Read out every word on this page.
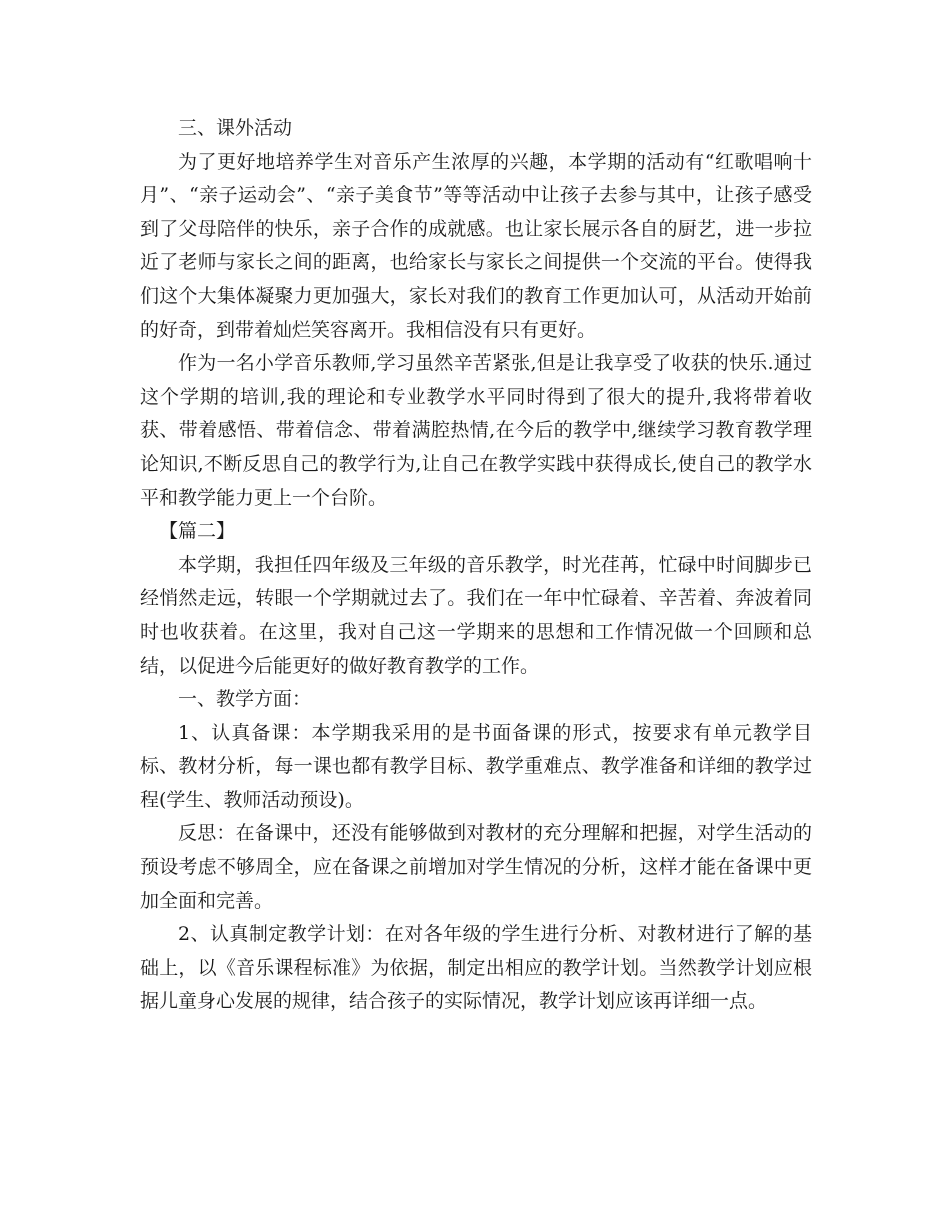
三、课外活动

为了更好地培养学生对音乐产生浓厚的兴趣，本学期的活动有“红歌唱响十月”、“亲子运动会”、“亲子美食节”等等活动中让孩子去参与其中，让孩子感受到了父母陪伴的快乐，亲子合作的成就感。也让家长展示各自的厨艺，进一步拉近了老师与家长之间的距离，也给家长与家长之间提供一个交流的平台。使得我们这个大集体凝聚力更加强大，家长对我们的教育工作更加认可，从活动开始前的好奇，到带着灿烂笑容离开。我相信没有只有更好。

作为一名小学音乐教师,学习虽然辛苦紧张,但是让我享受了收获的快乐.通过这个学期的培训,我的理论和专业教学水平同时得到了很大的提升,我将带着收获、带着感悟、带着信念、带着满腔热情,在今后的教学中,继续学习教育教学理论知识,不断反思自己的教学行为,让自己在教学实践中获得成长,使自己的教学水平和教学能力更上一个台阶。

【篇二】

本学期，我担任四年级及三年级的音乐教学，时光荏苒，忙碌中时间脚步已经悄然走远，转眼一个学期就过去了。我们在一年中忙碌着、辛苦着、奔波着同时也收获着。在这里，我对自己这一学期来的思想和工作情况做一个回顾和总结，以促进今后能更好的做好教育教学的工作。

一、教学方面：

1、认真备课：本学期我采用的是书面备课的形式，按要求有单元教学目标、教材分析，每一课也都有教学目标、教学重难点、教学准备和详细的教学过程(学生、教师活动预设)。

反思：在备课中，还没有能够做到对教材的充分理解和把握，对学生活动的预设考虑不够周全，应在备课之前增加对学生情况的分析，这样才能在备课中更加全面和完善。

2、认真制定教学计划：在对各年级的学生进行分析、对教材进行了解的基础上，以《音乐课程标准》为依据，制定出相应的教学计划。当然教学计划应根据儿童身心发展的规律，结合孩子的实际情况，教学计划应该再详细一点。
